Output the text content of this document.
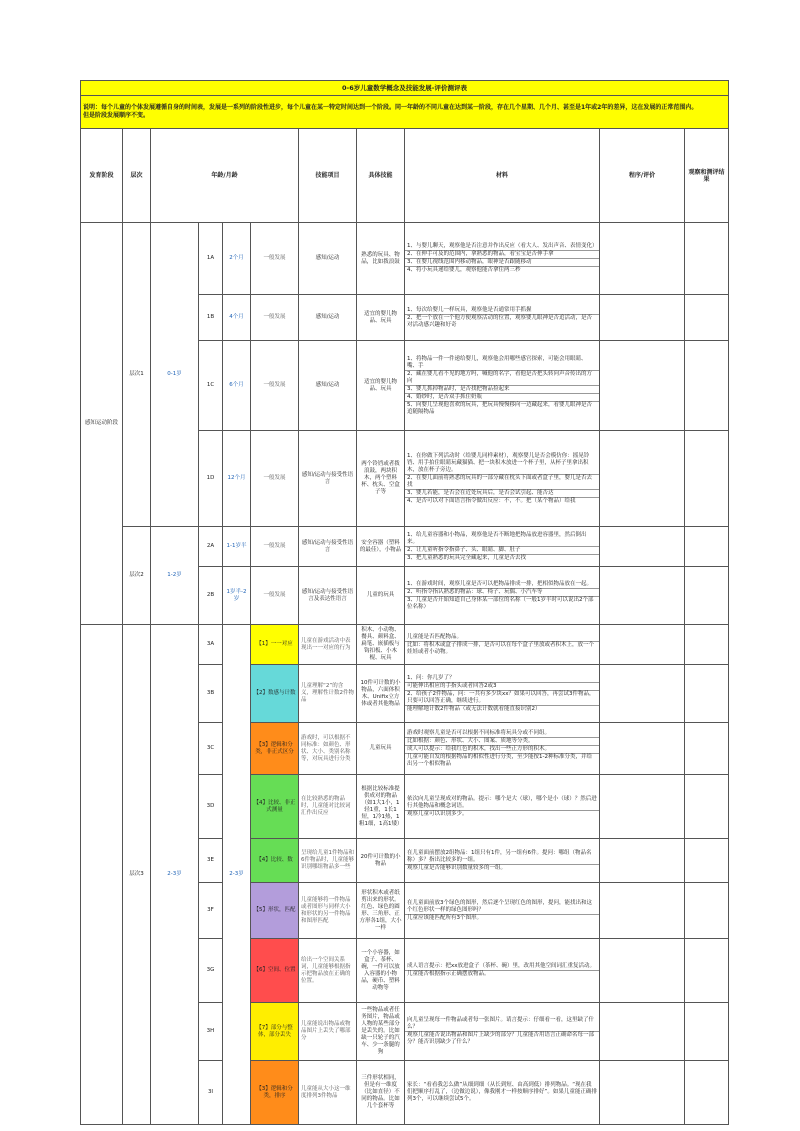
0-6岁儿童数学概念及技能发展-评价测评表											

说明：每个儿童的个体发展遵循自身的时间表，发展是一系列的阶段性进步，每个儿童在某一特定时间达到一个阶段。同一年龄的不同儿童在达到某一阶段，存在几个星期、几个月、甚至是1年或2年的差异，这在发展的正常范围内。
但是阶段发展顺序不变。											

发育阶段	层次	年龄/月龄				技能项目	具体技能	材料	程序/评价	观察和测评结果	
感知运动阶段	层次1	0-1岁	1A	2个月	一般发展	感知/运动	熟悉的玩具、物品，比如拨浪鼓	1、与婴儿聊天，观察他是否注意并作出反应（看大人、发出声音、表情变化）
2、在伸手可及的范围内，拿熟悉的物品，看宝宝是否伸手拿
3、在婴儿视线范围内移动物品，眼神是否跟随移动
4、将小玩具递给婴儿，观察他能否拿住两三秒			

			1B	4个月	一般发展	感知/运动	适宜的婴儿物品、玩具	1、每次给婴儿一样玩具，观察他是否通常用手抓握
2、把一个放在一个他方便观察活动的位置，观察婴儿眼神是否追活动，是否对活动感兴趣和好奇			

			1C	6个月	一般发展	感知/运动	适宜的婴儿物品、玩具	1、将物品一件一件递给婴儿，观察他会用哪些感官探索，可能会用眼睛、嘴、手
2、藏在婴儿看不见的地方吗，喊他的名字，看他是否把头转向声音传出的方向
3、婴儿抓掉物品时，是否找把物品捡起来
4、婚纱时，是否双手抓住奶瓶
5、向婴儿呈现他喜欢的玩具，把玩具慢慢移向一边藏起来，看婴儿眼神是否追随隔物品			

			1D	12个月	一般发展	感知/运动与接受性语言	两个铃铛或者拨浪鼓，两块积木，两个塑料杯、枕头、空盒子等	1、在你做下列活动时（给婴儿同样素材），观察婴儿是否会模仿你：摇晃铃铛、用手拍住眼睛玩藏猫猫、把一块积木放进一个杯子里，从杯子里拿出积木，放在杯子旁边。
2、在婴儿面前将熟悉的玩具的一部分藏在枕头下面或者盒子里，婴儿是否去找
3、婴儿若能，是否会在近处玩具后，是否会试引起、能否达
4、是否可以对下面语言指令做出反应：不，不。把（某个物品）给我			

	层次2	1-2岁	2A	1-1岁半	一般发展	感知/运动与接受性语言	安全容器（塑料的最佳），小物品	1、给儿童容器和小物品，观察他是否不断地把物品放进容器里，然后倒出来。
2、让儿童听指令指鼻子、头、眼睛、脚、肚子
3、把儿童熟悉的玩具完全藏起来，儿童是否去找			

			2B	1岁半-2岁	一般发展	感知/运动与接受性语言及表达性语言	儿童的玩具	1、在游戏时间，观察儿童是否可以把物品排成一排，把相似物品放在一起。
2、听指令指认熟悉的物品：球、椅子、玩偶、小汽车等
3、儿童是否开始知道自己身体某一部位的名称（一般1岁半时可以说出2个部位名称）			

	层次3	2-3岁	3A	2-3岁	【1】一一对应	儿童在游戏活动中表现出一一对应的行为	积木、小动物、餐具、颜料盒、扁笔、嵌插板与钩扣板、小木棍、玩具	儿童能是否匹配物品。
比如：将积木或盒子排成一排，是否可以在每个盒子里放或者积木上，放一个娃娃或者小动物。			

			3B		【2】数感与计数	儿童理解“2”的含义，理解性计数2件物品	10件可计数的小物品，六面体积木、Unifix立方体或者其他物品	1、问：你几岁了？
可能伸出相应的手指头或者回答2或3
2、给孩子2件物品，问：一共有多少块xx？如果可以回答，再尝试3件物品，只要可以回答正确，继续进行。
能理解地计数2件物品（或无法计数就看能直接识别2）			

			3C		【3】逻辑和分类，非正式区分	游戏时，可以根据不同标准：如颜色、形状、大小、类别名称等，对玩具进行分类	儿童玩具	游戏时观察儿童是否可以根据不同标准将玩具分或不同组。
比如根据：颜色、形状、大小、图案、质地等分类。
成人可以提示：给我红色的积木，找出一些正方形的积木。
儿童可能自发的根据物品的相似性进行分类，至少能按1-2种标准分类，并给出另一个相似物品			

			3D		【4】比较、非正式测量	在比较熟悉的物品时，儿童能对比较词汇作出反应	根据比较标准提供成对的物品（如1大1小，1轻1重，1长1短，1冷1热，1粗1细，1高1矮）	依次向儿童呈现成对的物品。提示：哪个是大（球），哪个是小（球）？然后进行其他物品和概念词语。
观察儿童可以识别多少。			

			3E		【4】比较、数	呈现给儿童1件物品和6件物品时，儿童能够识别哪组物品多一些	20件可计数的小物品	在儿童面前摆放2组物品：1组只有1件，另一组有6件。提问：哪组（物品名称）多？指出比较多的一组。
观察儿童是否能够识别数量较多的一组。			

			3F		【5】形状，匹配	儿童能够将一件物品或者图形与同样大小和形状的另一件物品和图形匹配	形状积木或者纸剪出来的形状。红色、绿色的圆形、三角形、正方形各1组，大小一样	在儿童面前放3个绿色的图形，然后逐个呈现红色的图形，提问，能找出和这个红色形状一样的绿色图形吗？
儿童应该能匹配所有3个图形。			

			3G		【6】空间、位置	给出一个空间关系词，儿童能够根据指示把物品放在正确的位置。	一个小容器，如盒子、茶杯、碗，一件可以放入容器的小物品，硬币、塑料动物等	成人语言提示：把xx放进盒子（茶杯、碗）里，改用其他空间词汇重复活动。
儿童能否根据指示正确摆放物品。			

			3H		【7】部分与整体，部分丢失	儿童能说出物品或物品图片上丢失了哪部分	一些物品或者任务图片，物品或人物的某些部分是丢失的。比如缺一只轮子的汽车、少一条腿的狗	向儿童呈现每一件物品或者每一张图片。请言提示：仔细看一看，这里缺了什么？
观察儿童能否说出物品和图片上缺少的部分？儿童能否用语言正确命名每一部分？能否识别缺少了什么？			

			3I		【3】逻辑和分类，排序	儿童能从大小这一维度排列3件物品	三件形状相同，但是有一维度（比如直径）不同的物品。比如几个套杯等	家长：“看看我怎么做”从细到细（从长到短、由高到低）排列物品。“现在我们把顺序打乱了，（边做边说），像我刚才一样按顺序排好”。如果儿童能正确排列3个，可以继续尝试5个。			
